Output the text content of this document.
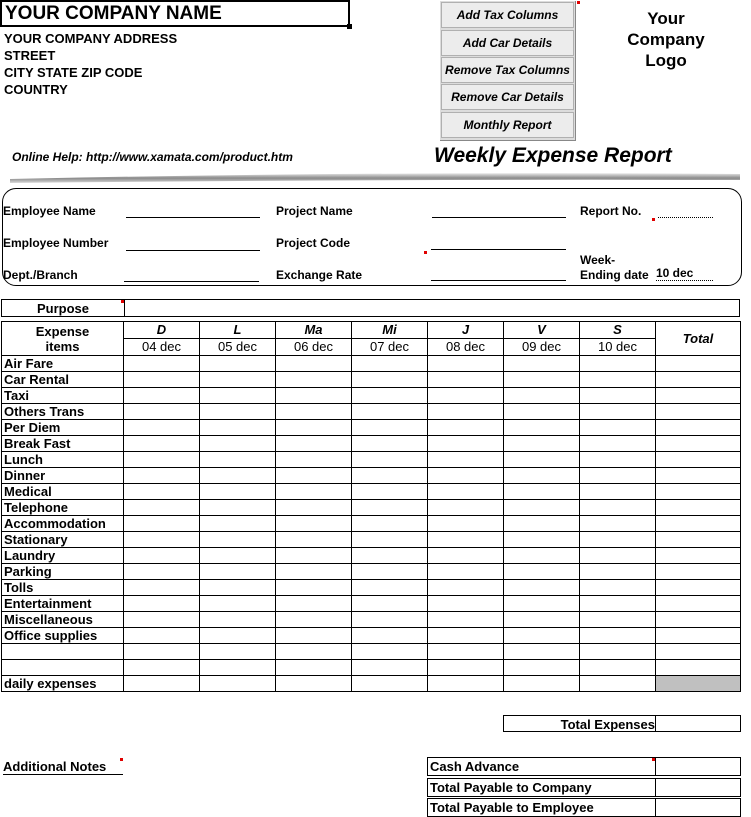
YOUR COMPANY NAME
YOUR COMPANY ADDRESS
STREET
CITY STATE ZIP CODE
COUNTRY
Add Tax Columns
Add Car Details
Remove Tax Columns
Remove Car Details
Monthly Report
Your
Company
Logo
Online Help: http://www.xamata.com/product.htm	Weekly Expense Report
Employee Name
Employee Number
Dept./Branch
Project Name
Project Code
Exchange Rate
Report No.
Week-
Ending date 10 dec
Purpose
Expense
items	D	L	Ma	Mi	J	V	S	Total
	04 dec	05 dec	06 dec	07 dec	08 dec	09 dec	10 dec	
Air Fare								
Car Rental								
Taxi								
Others Trans								
Per Diem								
Break Fast								
Lunch								
Dinner								
Medical								
Telephone								
Accommodation								
Stationary								
Laundry								
Parking								
Tolls								
Entertainment								
Miscellaneous								
Office supplies								

daily expenses								
Total Expenses
Additional Notes	Cash Advance
Total Payable to Company
Total Payable to Employee
